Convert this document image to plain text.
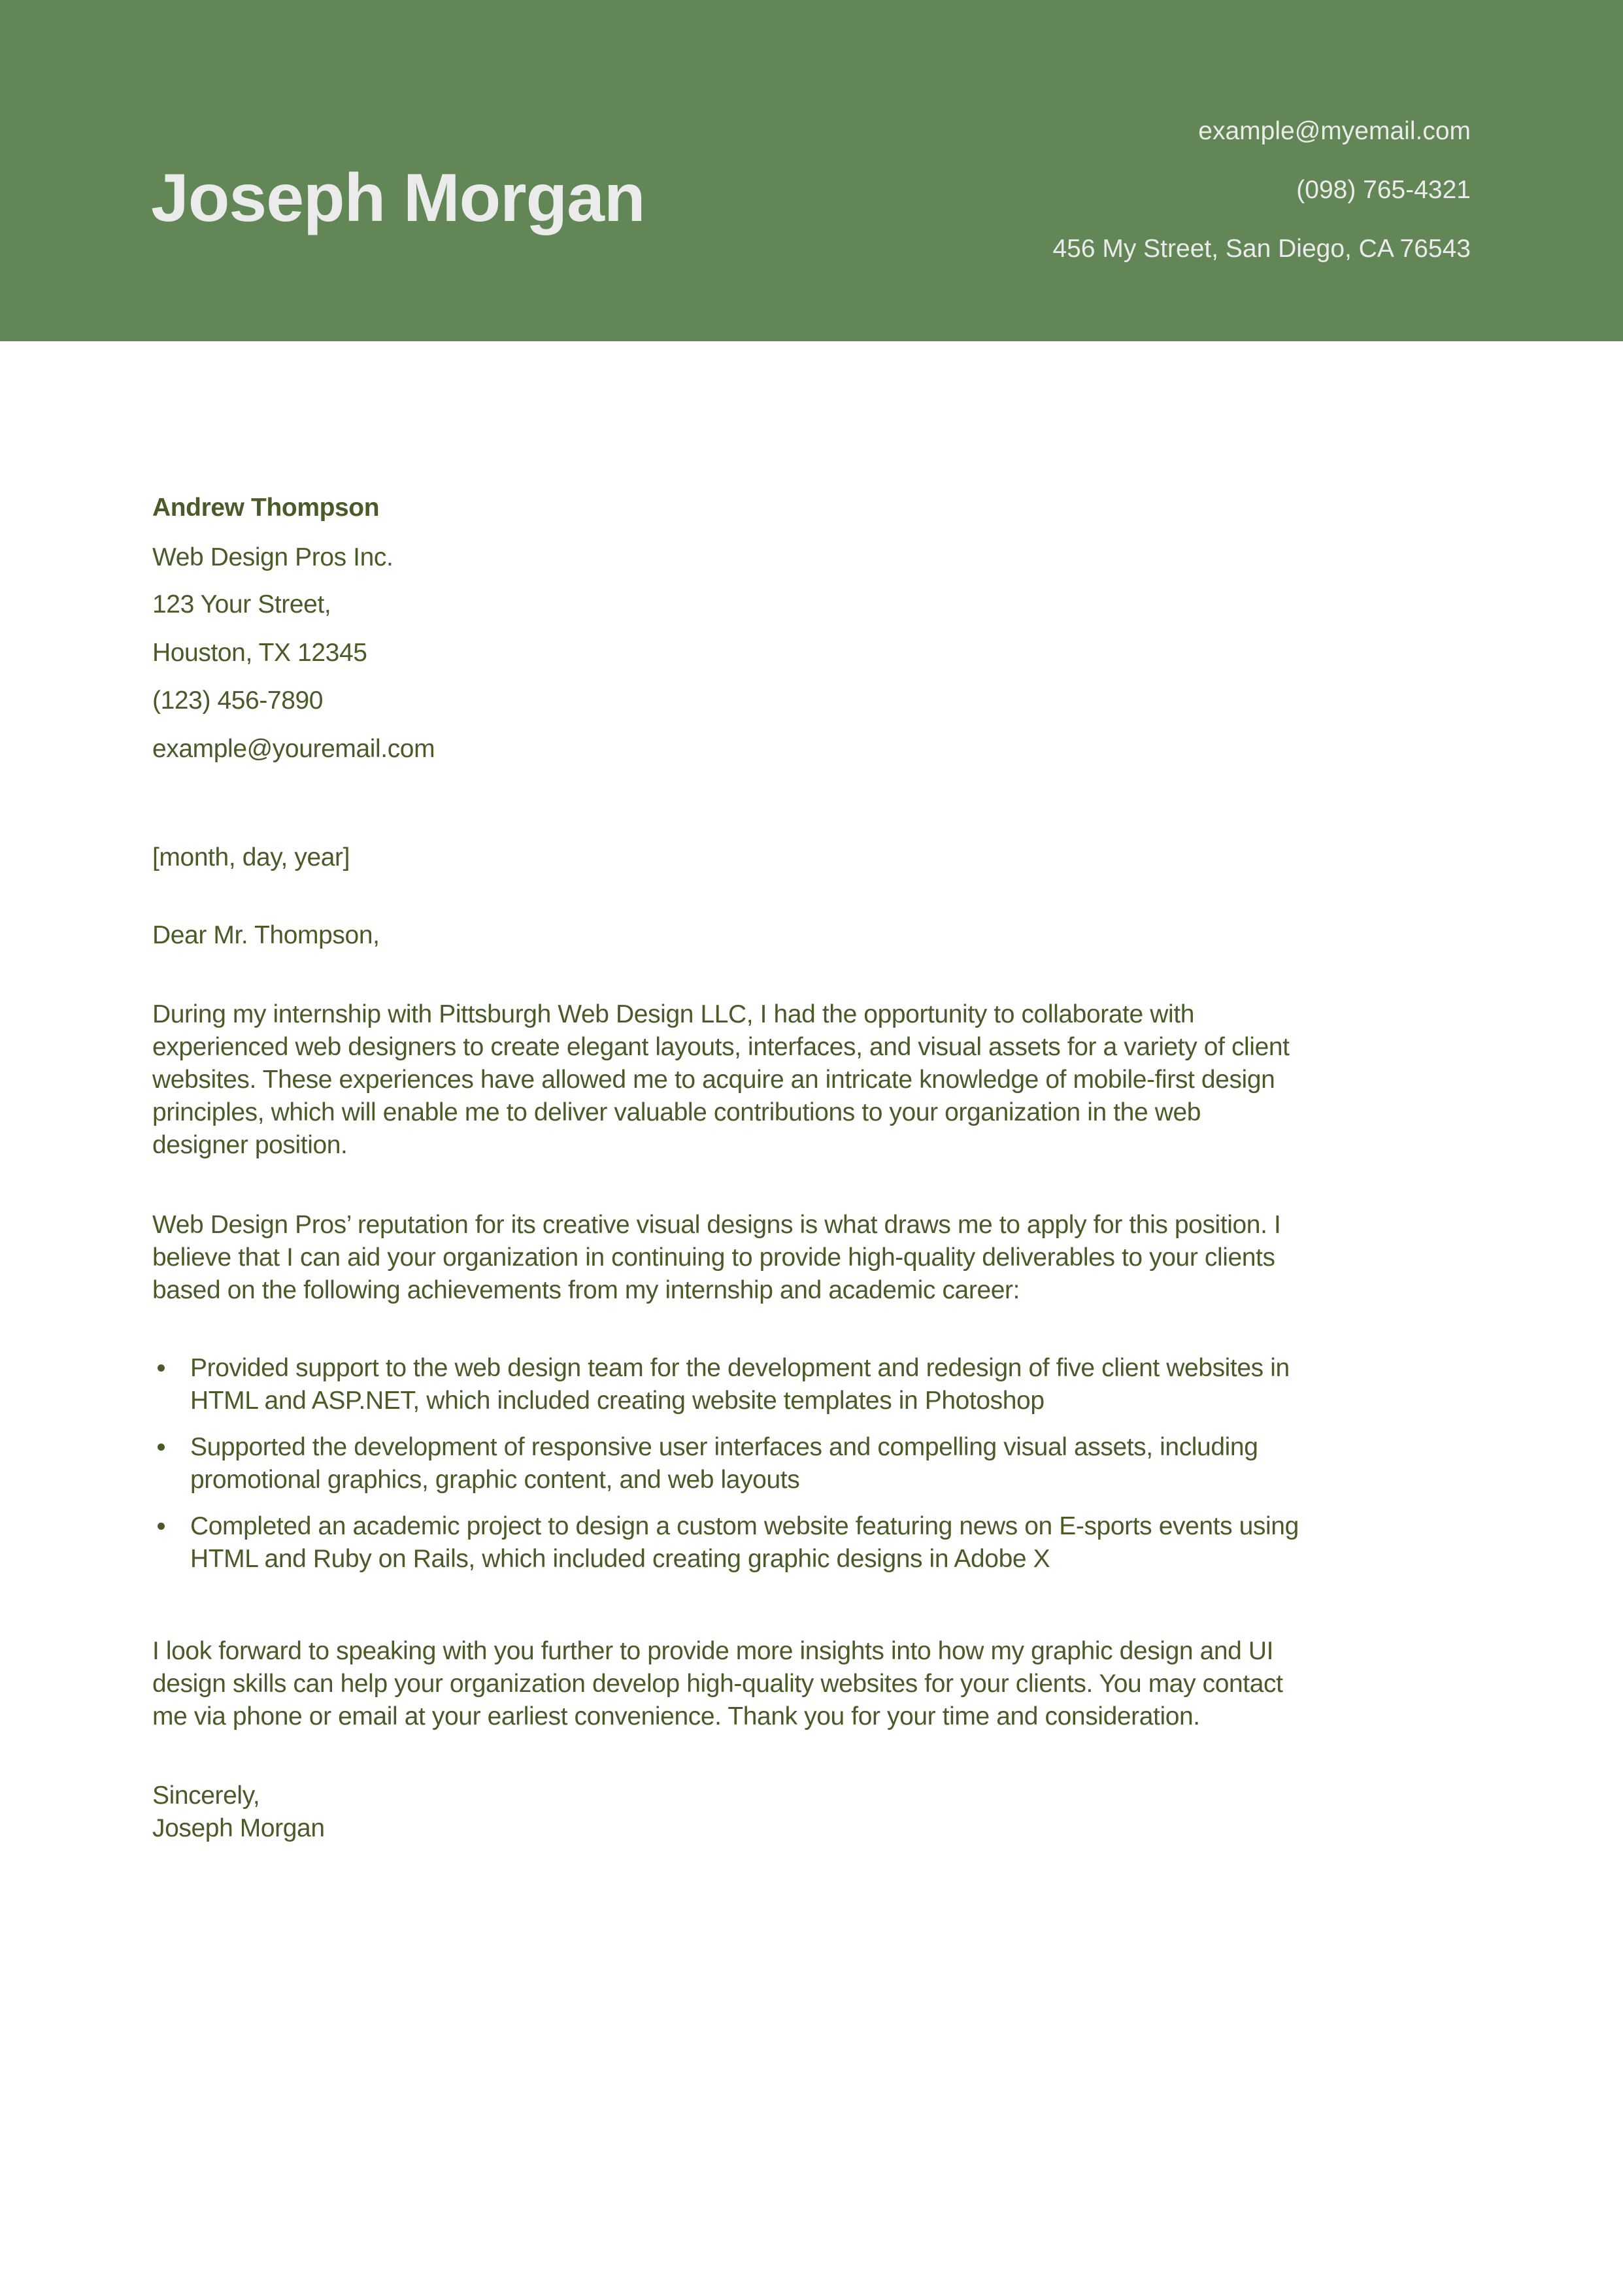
Joseph Morgan
example@myemail.com
(098) 765-4321
456 My Street, San Diego, CA 76543
Andrew Thompson
Web Design Pros Inc.
123 Your Street,
Houston, TX 12345
(123) 456-7890
example@youremail.com
[month, day, year]
Dear Mr. Thompson,
During my internship with Pittsburgh Web Design LLC, I had the opportunity to collaborate with
experienced web designers to create elegant layouts, interfaces, and visual assets for a variety of client
websites. These experiences have allowed me to acquire an intricate knowledge of mobile-first design
principles, which will enable me to deliver valuable contributions to your organization in the web
designer position.
Web Design Pros’ reputation for its creative visual designs is what draws me to apply for this position. I
believe that I can aid your organization in continuing to provide high-quality deliverables to your clients
based on the following achievements from my internship and academic career:
Provided support to the web design team for the development and redesign of five client websites in
HTML and ASP.NET, which included creating website templates in Photoshop
Supported the development of responsive user interfaces and compelling visual assets, including
promotional graphics, graphic content, and web layouts
Completed an academic project to design a custom website featuring news on E-sports events using
HTML and Ruby on Rails, which included creating graphic designs in Adobe X
I look forward to speaking with you further to provide more insights into how my graphic design and UI
design skills can help your organization develop high-quality websites for your clients. You may contact
me via phone or email at your earliest convenience. Thank you for your time and consideration.
Sincerely,
Joseph Morgan
